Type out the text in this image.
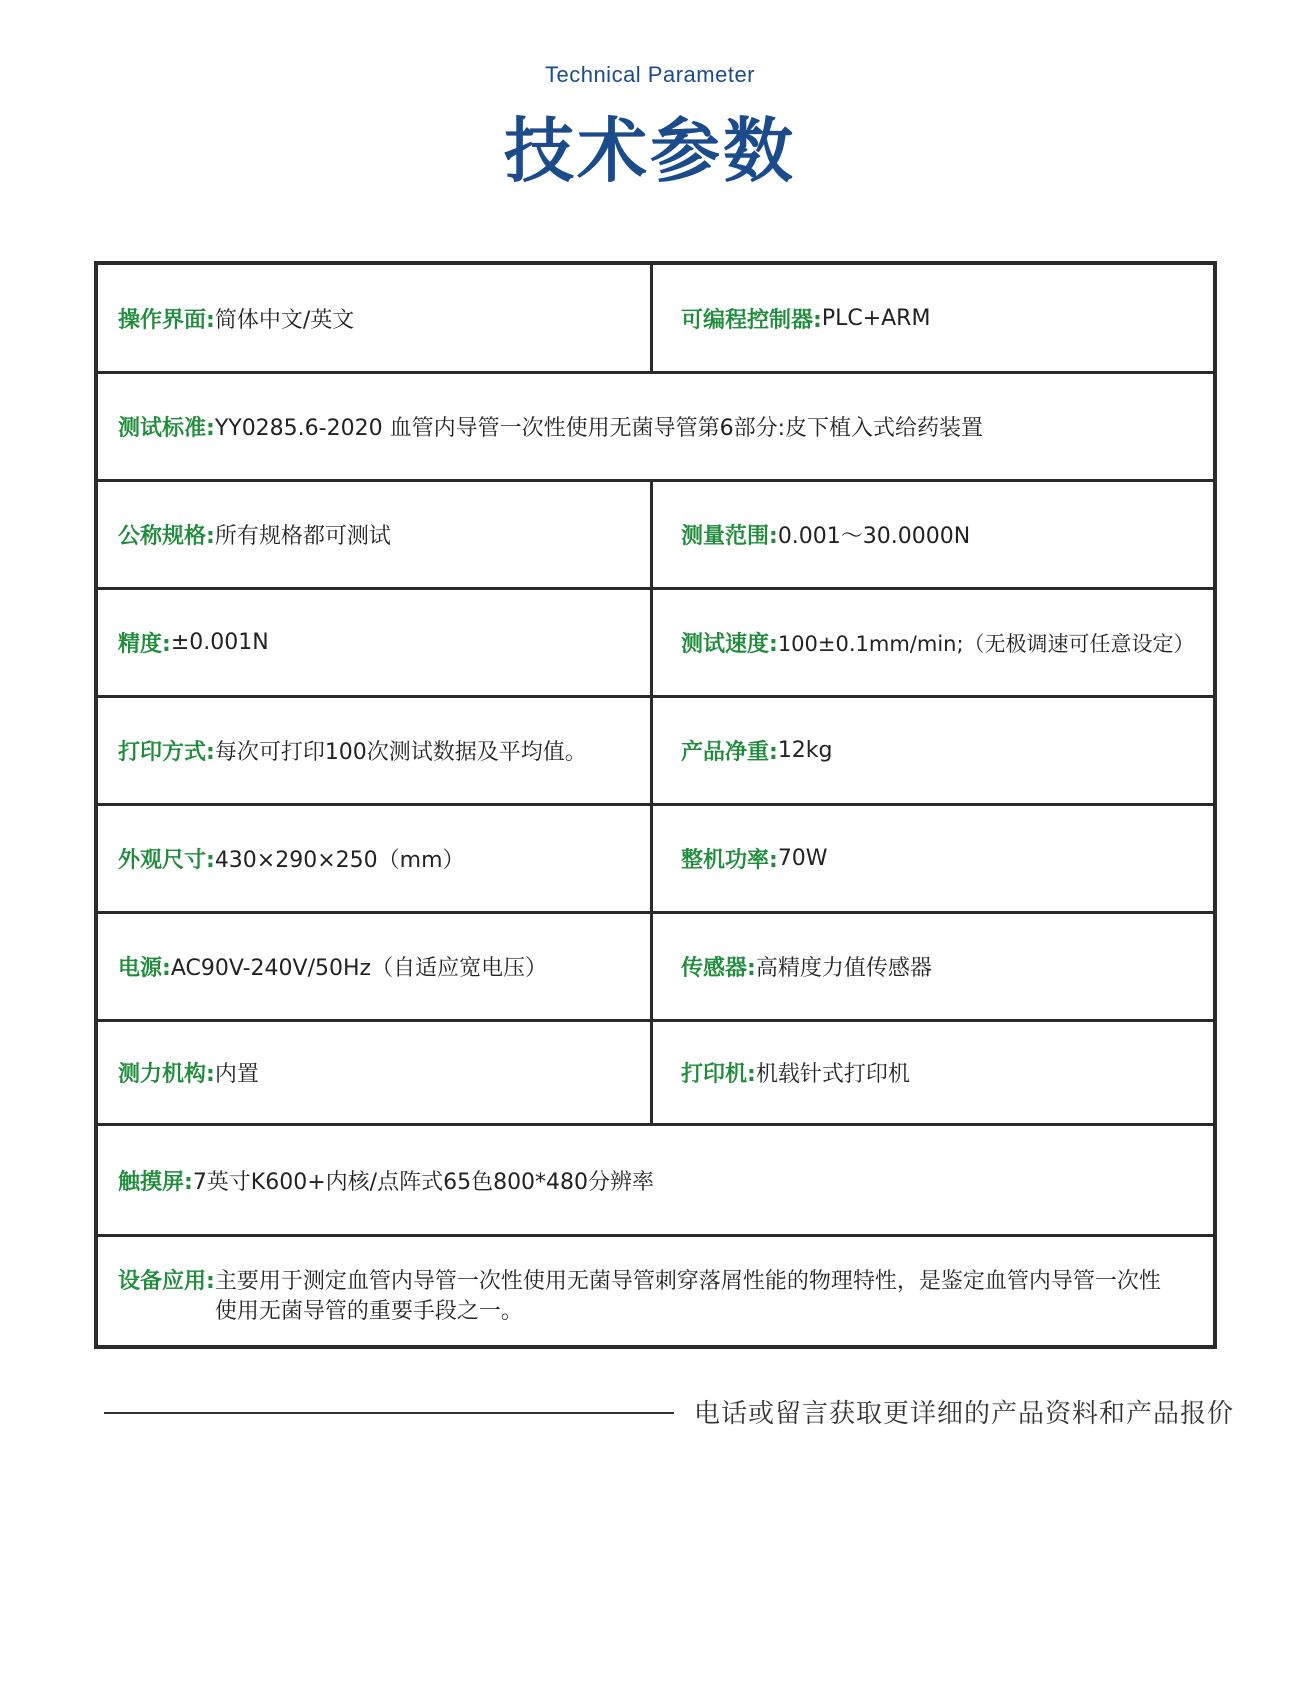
Technical Parameter
技术参数
操作界面: 简体中文/英文	可编程控制器: PLC+ARM
测试标准: YY0285.6-2020 血管内导管一次性使用无菌导管第6部分:皮下植入式给药装置
公称规格: 所有规格都可测试	测量范围: 0.001～30.0000N
精度: ±0.001N	测试速度: 100±0.1mm/min;（无极调速可任意设定）
打印方式: 每次可打印100次测试数据及平均值。	产品净重: 12kg
外观尺寸: 430×290×250（mm）	整机功率: 70W
电源: AC90V-240V/50Hz（自适应宽电压）	传感器: 高精度力值传感器
测力机构: 内置	打印机: 机载针式打印机
触摸屏: 7英寸K600+内核/点阵式65色800*480分辨率
设备应用: 主要用于测定血管内导管一次性使用无菌导管刺穿落屑性能的物理特性，是鉴定血管内导管一次性使用无菌导管的重要手段之一。
电话或留言获取更详细的产品资料和产品报价
